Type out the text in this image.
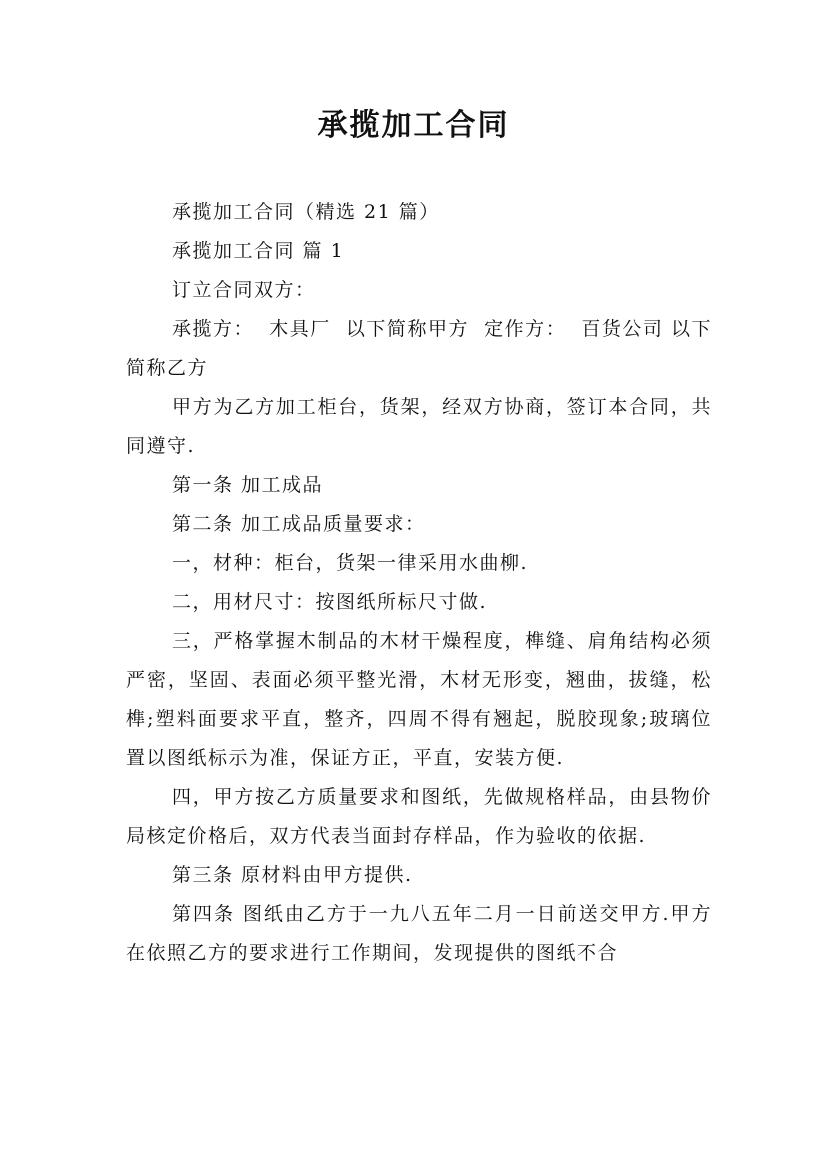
承揽加工合同

承揽加工合同（精选 21 篇）

承揽加工合同 篇 1

订立合同双方：

承揽方：  木具厂  以下简称甲方  定作方：  百货公司 以下简称乙方

甲方为乙方加工柜台，货架，经双方协商，签订本合同，共同遵守.

第一条 加工成品

第二条 加工成品质量要求：

一，材种：柜台，货架一律采用水曲柳.

二，用材尺寸：按图纸所标尺寸做.

三，严格掌握木制品的木材干燥程度，榫缝、肩角结构必须严密，坚固、表面必须平整光滑，木材无形变，翘曲，拔缝，松榫;塑料面要求平直，整齐，四周不得有翘起，脱胶现象;玻璃位置以图纸标示为准，保证方正，平直，安装方便.

四，甲方按乙方质量要求和图纸，先做规格样品，由县物价局核定价格后，双方代表当面封存样品，作为验收的依据.

第三条 原材料由甲方提供.

第四条 图纸由乙方于一九八五年二月一日前送交甲方.甲方在依照乙方的要求进行工作期间，发现提供的图纸不合
